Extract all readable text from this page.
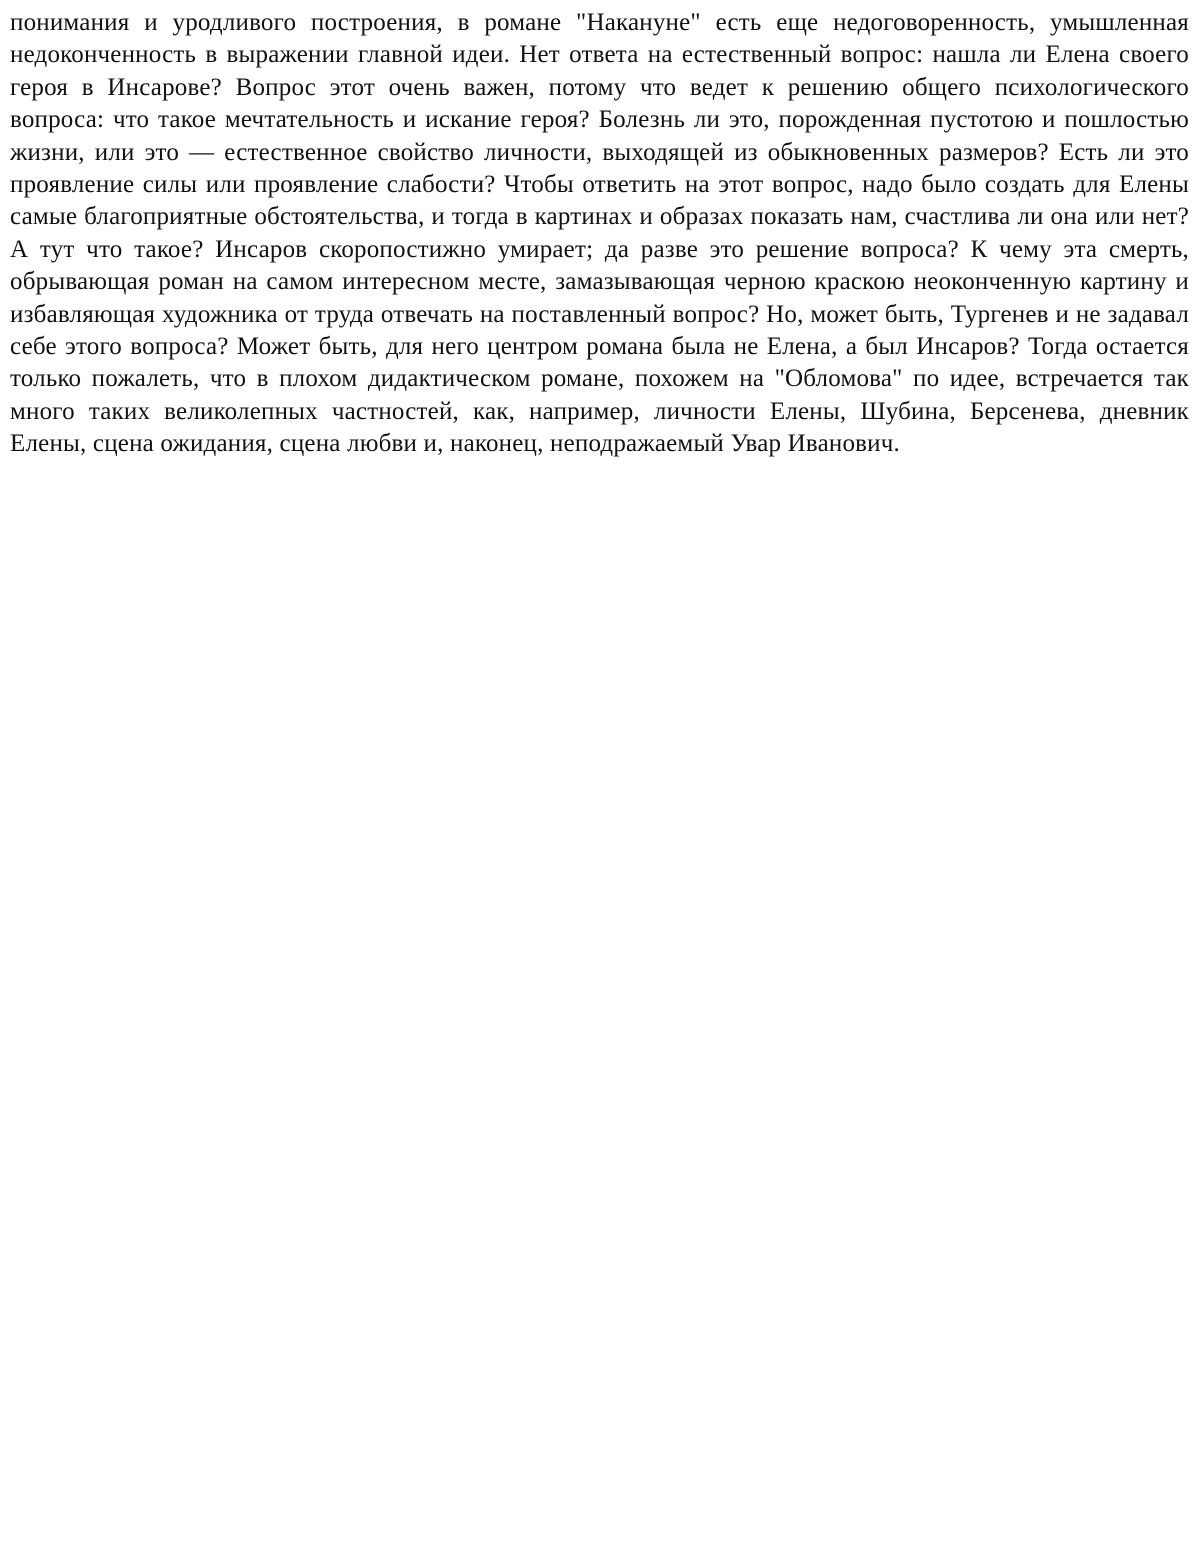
понимания и уродливого построения, в романе "Накануне" есть еще недоговоренность, умышленная недоконченность в выражении главной идеи. Нет ответа на естественный вопрос: нашла ли Елена своего героя в Инсарове? Вопрос этот очень важен, потому что ведет к решению общего психологического вопроса: что такое мечтательность и искание героя? Болезнь ли это, порожденная пустотою и пошлостью жизни, или это — естественное свойство личности, выходящей из обыкновенных размеров? Есть ли это проявление силы или проявление слабости? Чтобы ответить на этот вопрос, надо было создать для Елены самые благоприятные обстоятельства, и тогда в картинах и образах показать нам, счастлива ли она или нет? А тут что такое? Инсаров скоропостижно умирает; да разве это решение вопроса? К чему эта смерть, обрывающая роман на самом интересном месте, замазывающая черною краскою неоконченную картину и избавляющая художника от труда отвечать на поставленный вопрос? Но, может быть, Тургенев и не задавал себе этого вопроса? Может быть, для него центром романа была не Елена, а был Инсаров? Тогда остается только пожалеть, что в плохом дидактическом романе, похожем на "Обломова" по идее, встречается так много таких великолепных частностей, как, например, личности Елены, Шубина, Берсенева, дневник Елены, сцена ожидания, сцена любви и, наконец, неподражаемый Увар Иванович.
